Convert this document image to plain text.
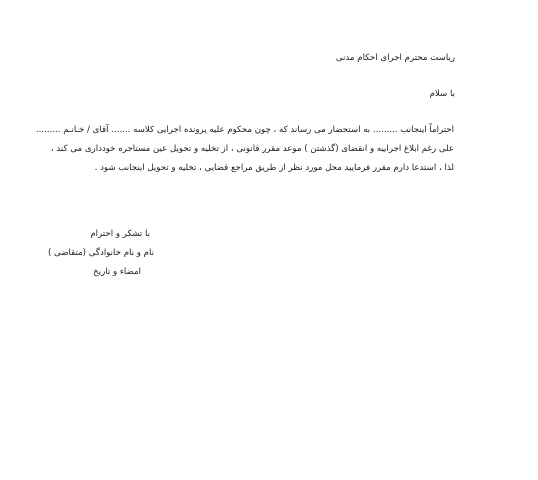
ریاست محترم اجرای احکام مدنی
با سلام
احتراماً اینجانب ......... به استحضار می رساند که ، چون محکوم علیه پرونده اجرایی کلاسه ....... آقای / خـانـم .........
علی رغم ابلاغ اجراییه و انقضای (گذشتن ) موعد مقرر قانونی ، از تخلیه و تحویل عین مستاجره خودداری می کند ،
لذا ، استدعا دارم مقرر فرمایید محل مورد نظر از طریق مراجع قضایی ، تخلیه و تحویل اینجانب شود .
با تشکر و احترام
نام و نام خانوادگی (متقاضی )
امضاء و تاریخ
